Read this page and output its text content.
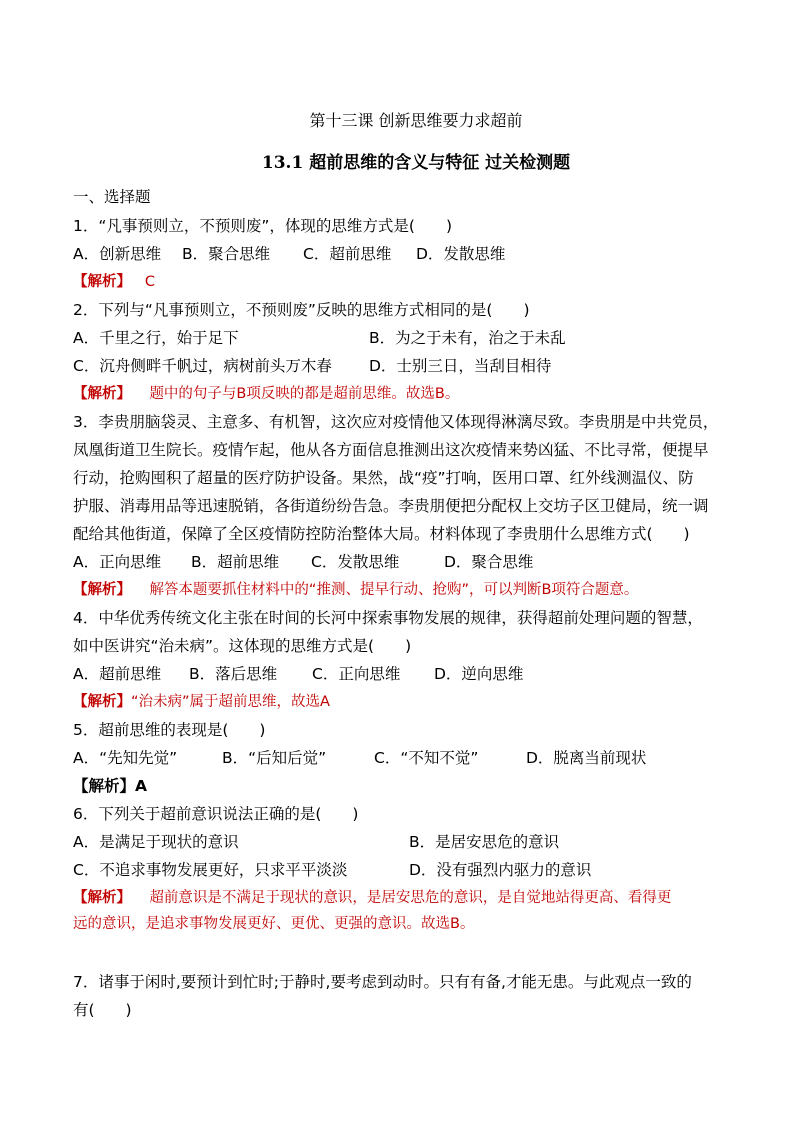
第十三课 创新思维要力求超前
13.1 超前思维的含义与特征 过关检测题
一、选择题
1．“凡事预则立，不预则废”，体现的思维方式是(　　)
A．创新思维 B．聚合思维 C．超前思维 D．发散思维
【解析】 C
2．下列与“凡事预则立，不预则废”反映的思维方式相同的是(　　)
A．千里之行，始于足下	B．为之于未有，治之于未乱
C．沉舟侧畔千帆过，病树前头万木春 D．士别三日，当刮目相待
【解析】 题中的句子与B项反映的都是超前思维。故选B。
3．李贵朋脑袋灵、主意多、有机智，这次应对疫情他又体现得淋漓尽致。李贵朋是中共党员，
凤凰街道卫生院长。疫情乍起，他从各方面信息推测出这次疫情来势凶猛、不比寻常，便提早
行动，抢购囤积了超量的医疗防护设备。果然，战“疫”打响，医用口罩、红外线测温仪、防
护服、消毒用品等迅速脱销，各街道纷纷告急。李贵朋便把分配权上交坊子区卫健局，统一调
配给其他街道，保障了全区疫情防控防治整体大局。材料体现了李贵朋什么思维方式(　　)
A．正向思维 B．超前思维 C．发散思维	D．聚合思维
【解析】 解答本题要抓住材料中的“推测、提早行动、抢购”，可以判断B项符合题意。
4．中华优秀传统文化主张在时间的长河中探索事物发展的规律，获得超前处理问题的智慧，
如中医讲究“治未病”。这体现的思维方式是(　　)
A．超前思维 B．落后思维 C．正向思维 D．逆向思维
【解析】“治未病”属于超前思维，故选A
5．超前思维的表现是(　　)
A．“先知先觉”	B．“后知后觉”	C．“不知不觉”	D．脱离当前现状
【解析】A
6．下列关于超前意识说法正确的是(　　)
A．是满足于现状的意识	B．是居安思危的意识
C．不追求事物发展更好，只求平平淡淡	D．没有强烈内驱力的意识
【解析】 超前意识是不满足于现状的意识，是居安思危的意识，是自觉地站得更高、看得更
远的意识，是追求事物发展更好、更优、更强的意识。故选B。
7．诸事于闲时,要预计到忙时;于静时,要考虑到动时。只有有备,才能无患。与此观点一致的
有(　　)
